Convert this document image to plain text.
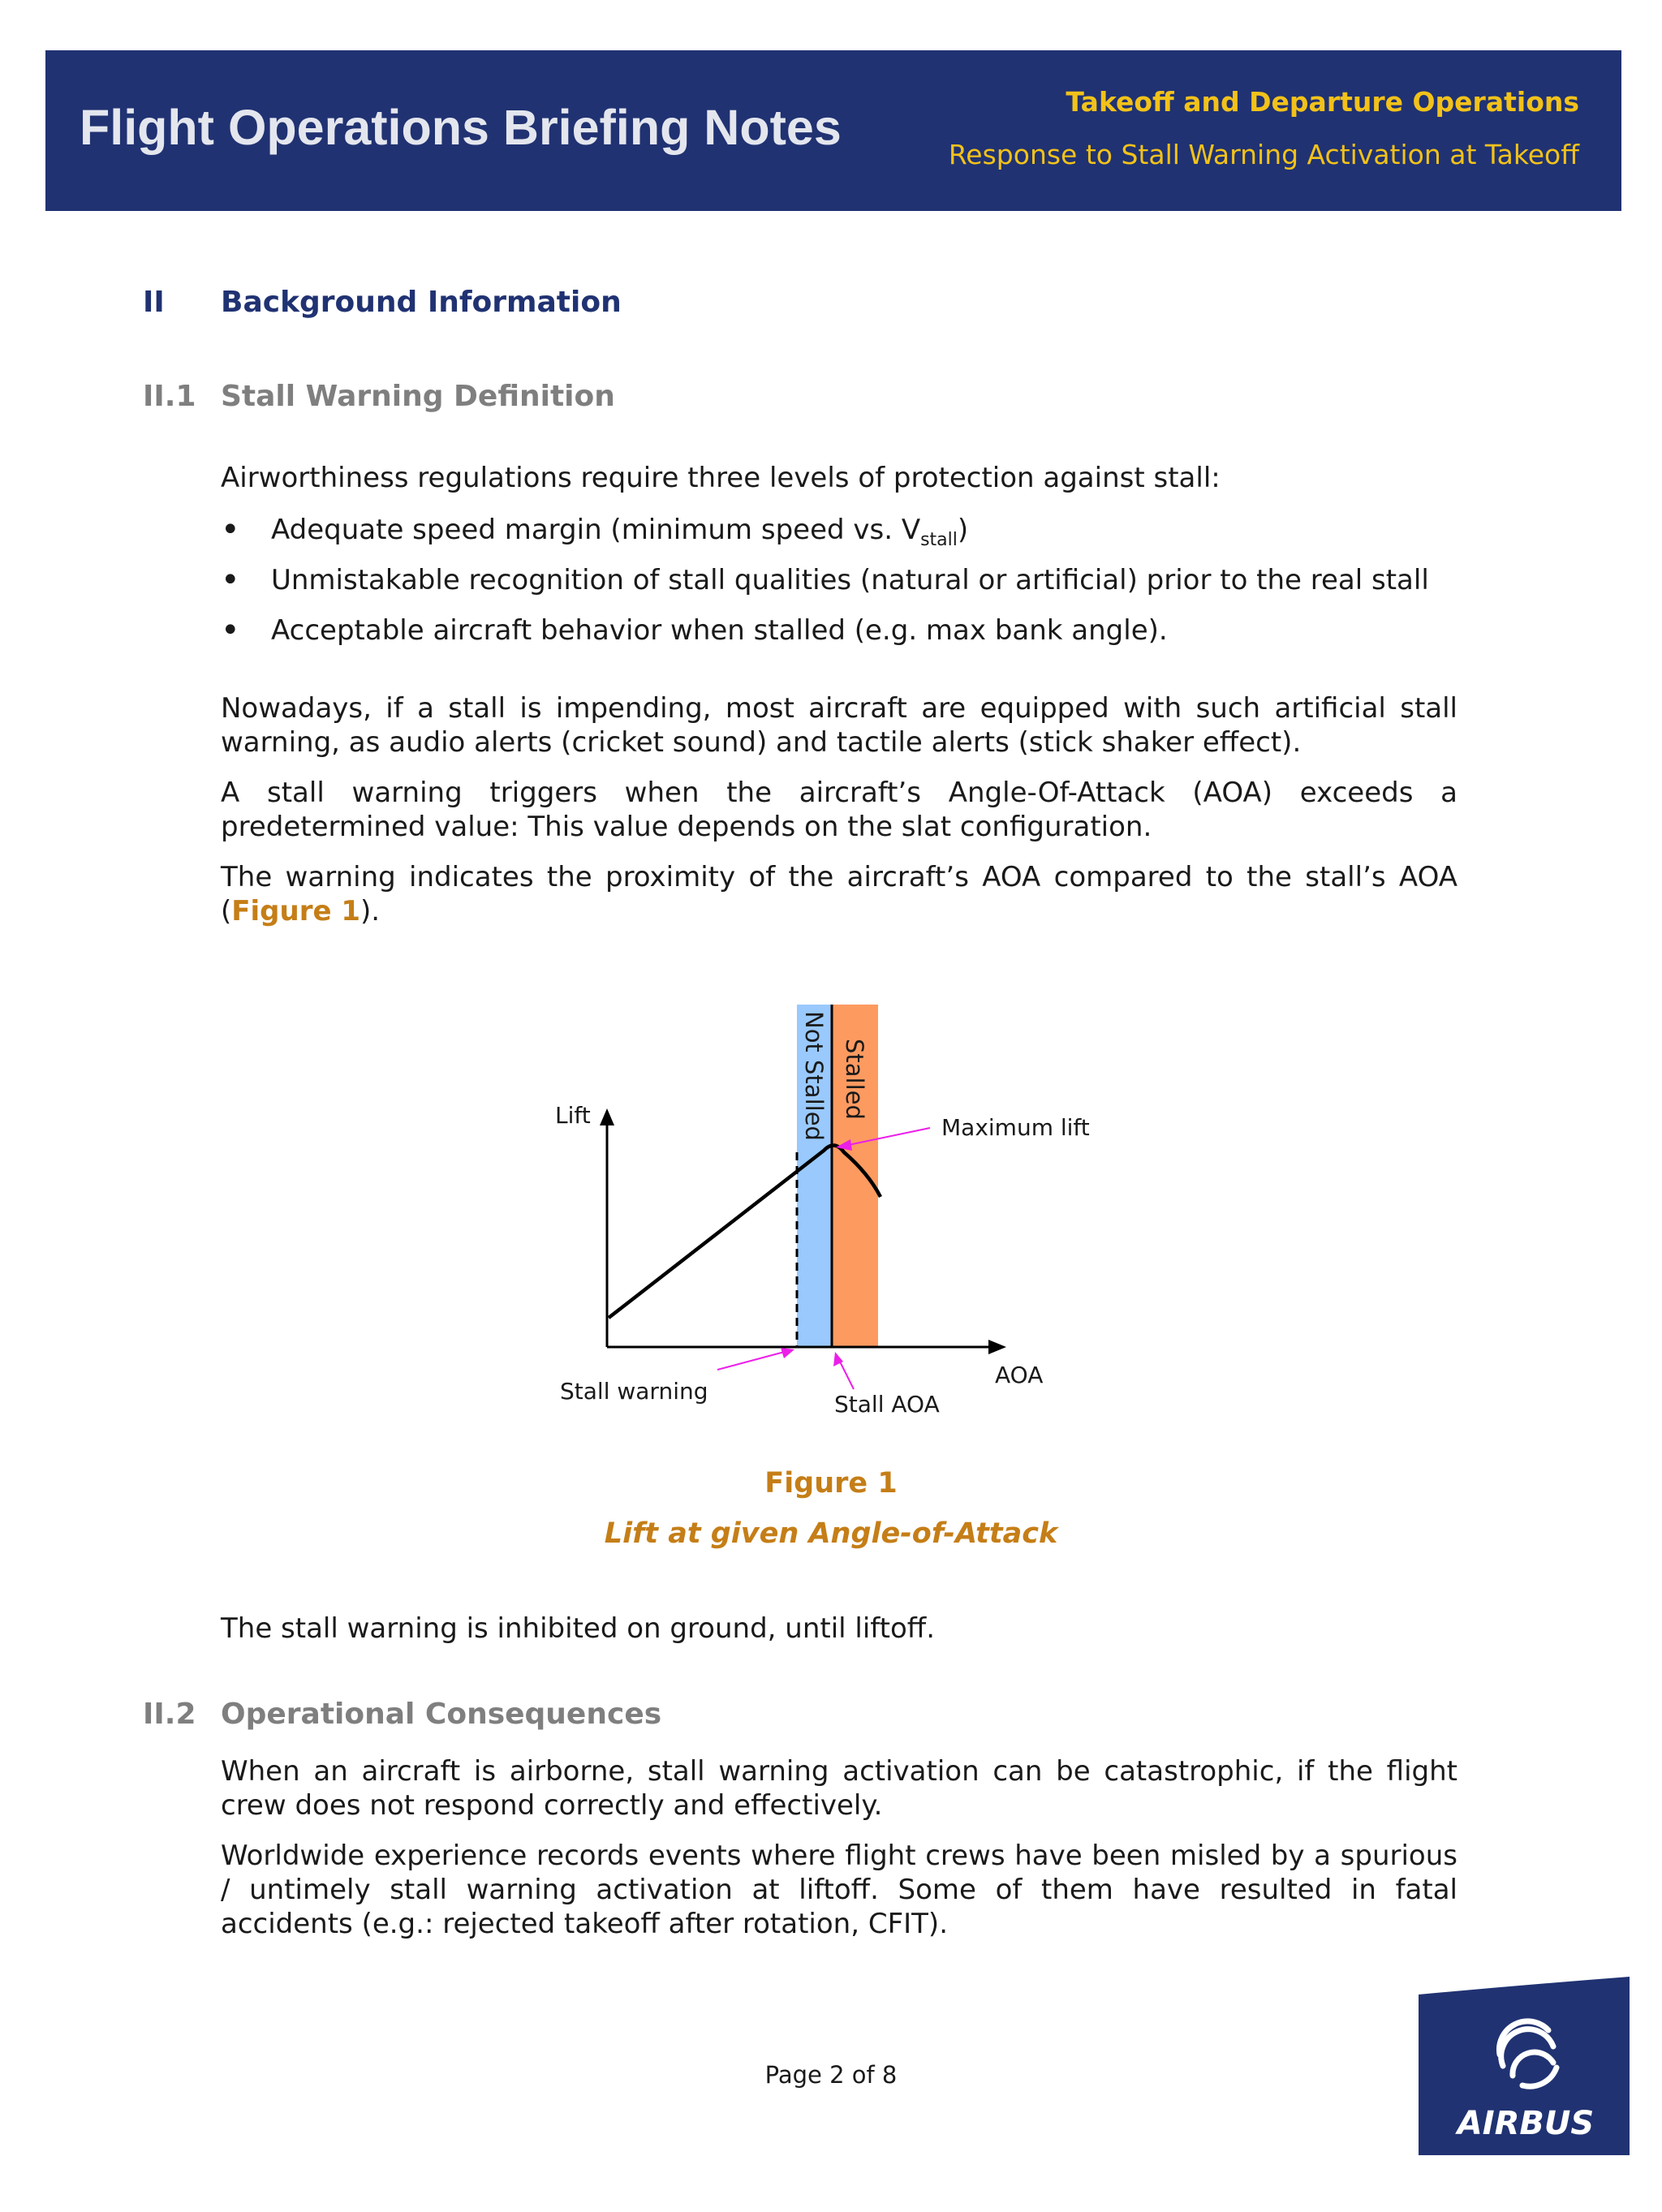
Flight Operations Briefing Notes	Takeoff and Departure Operations
Response to Stall Warning Activation at Takeoff
II Background Information
II.1 Stall Warning Definition
Airworthiness regulations require three levels of protection against stall:
• Adequate speed margin (minimum speed vs. $V_{stall}$)
• Unmistakable recognition of stall qualities (natural or artificial) prior to the real stall
• Acceptable aircraft behavior when stalled (e.g. max bank angle).
Nowadays, if a stall is impending, most aircraft are equipped with such artificial stall warning, as audio alerts (cricket sound) and tactile alerts (stick shaker effect).
A stall warning triggers when the aircraft’s Angle-Of-Attack (AOA) exceeds a predetermined value: This value depends on the slat configuration.
The warning indicates the proximity of the aircraft’s AOA compared to the stall’s AOA (Figure 1).
Lift
AOA
Maximum lift
Stall warning	Stall AOA
Not Stalled Stalled
Figure 1
Lift at given Angle-of-Attack
The stall warning is inhibited on ground, until liftoff.
II.2 Operational Consequences
When an aircraft is airborne, stall warning activation can be catastrophic, if the flight crew does not respond correctly and effectively.
Worldwide experience records events where flight crews have been misled by a spurious / untimely stall warning activation at liftoff. Some of them have resulted in fatal accidents (e.g.: rejected takeoff after rotation, CFIT).
Page 2 of 8
AIRBUS
